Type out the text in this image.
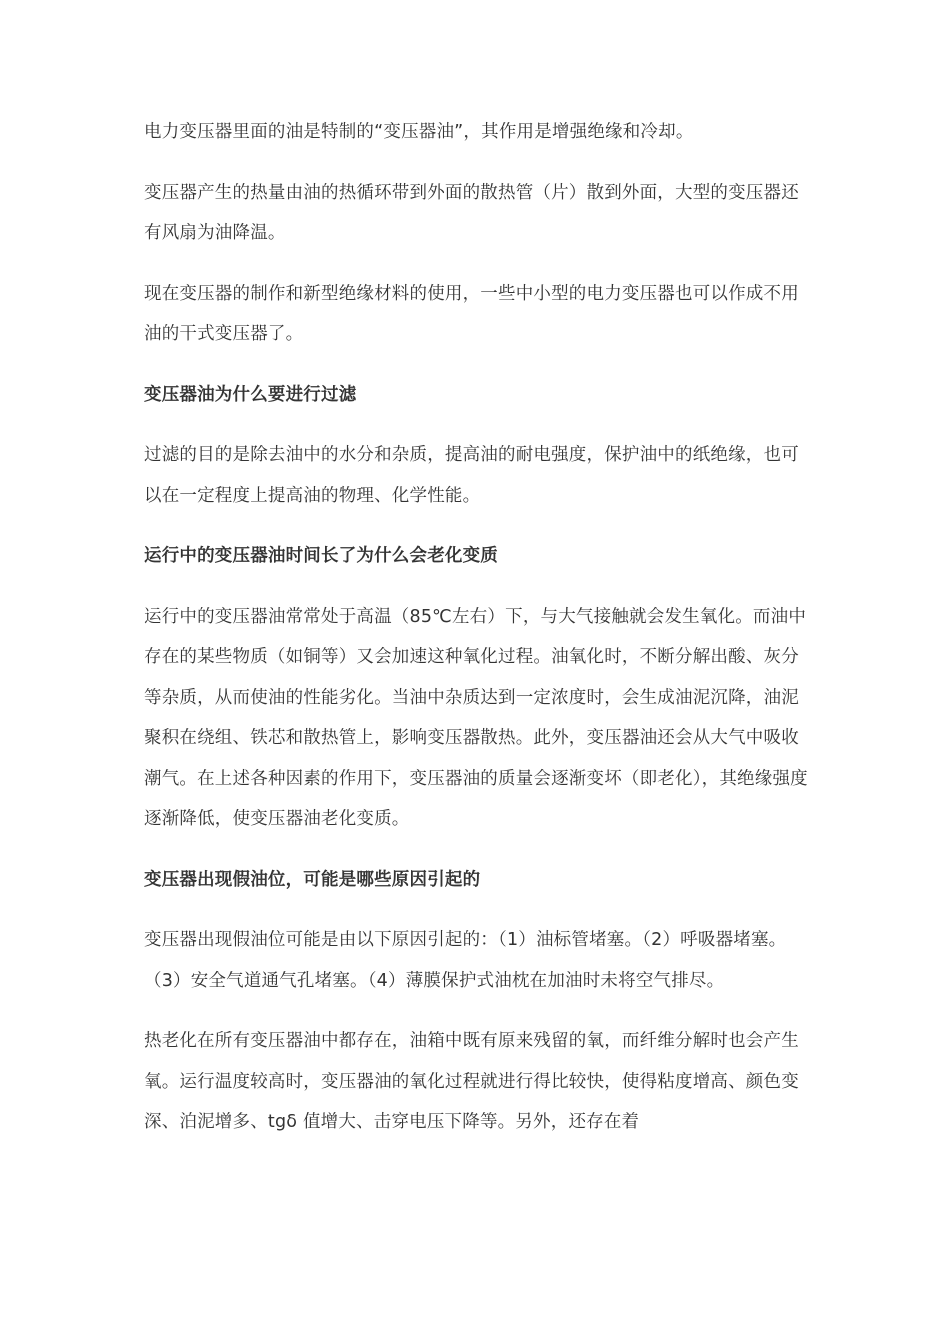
电力变压器里面的油是特制的“变压器油”，其作用是增强绝缘和冷却。

变压器产生的热量由油的热循环带到外面的散热管（片）散到外面，大型的变压器还有风扇为油降温。

现在变压器的制作和新型绝缘材料的使用，一些中小型的电力变压器也可以作成不用油的干式变压器了。

变压器油为什么要进行过滤

过滤的目的是除去油中的水分和杂质，提高油的耐电强度，保护油中的纸绝缘，也可以在一定程度上提高油的物理、化学性能。

运行中的变压器油时间长了为什么会老化变质

运行中的变压器油常常处于高温（85℃左右）下，与大气接触就会发生氧化。而油中存在的某些物质（如铜等）又会加速这种氧化过程。油氧化时，不断分解出酸、灰分等杂质，从而使油的性能劣化。当油中杂质达到一定浓度时，会生成油泥沉降，油泥聚积在绕组、铁芯和散热管上，影响变压器散热。此外，变压器油还会从大气中吸收潮气。在上述各种因素的作用下，变压器油的质量会逐渐变坏（即老化），其绝缘强度逐渐降低，使变压器油老化变质。

变压器出现假油位，可能是哪些原因引起的

变压器出现假油位可能是由以下原因引起的：（1）油标管堵塞。（2）呼吸器堵塞。（3）安全气道通气孔堵塞。（4）薄膜保护式油枕在加油时未将空气排尽。

热老化在所有变压器油中都存在，油箱中既有原来残留的氧，而纤维分解时也会产生氧。运行温度较高时，变压器油的氧化过程就进行得比较快，使得粘度增高、颜色变深、泊泥增多、tgδ 值增大、击穿电压下降等。另外，还存在着
